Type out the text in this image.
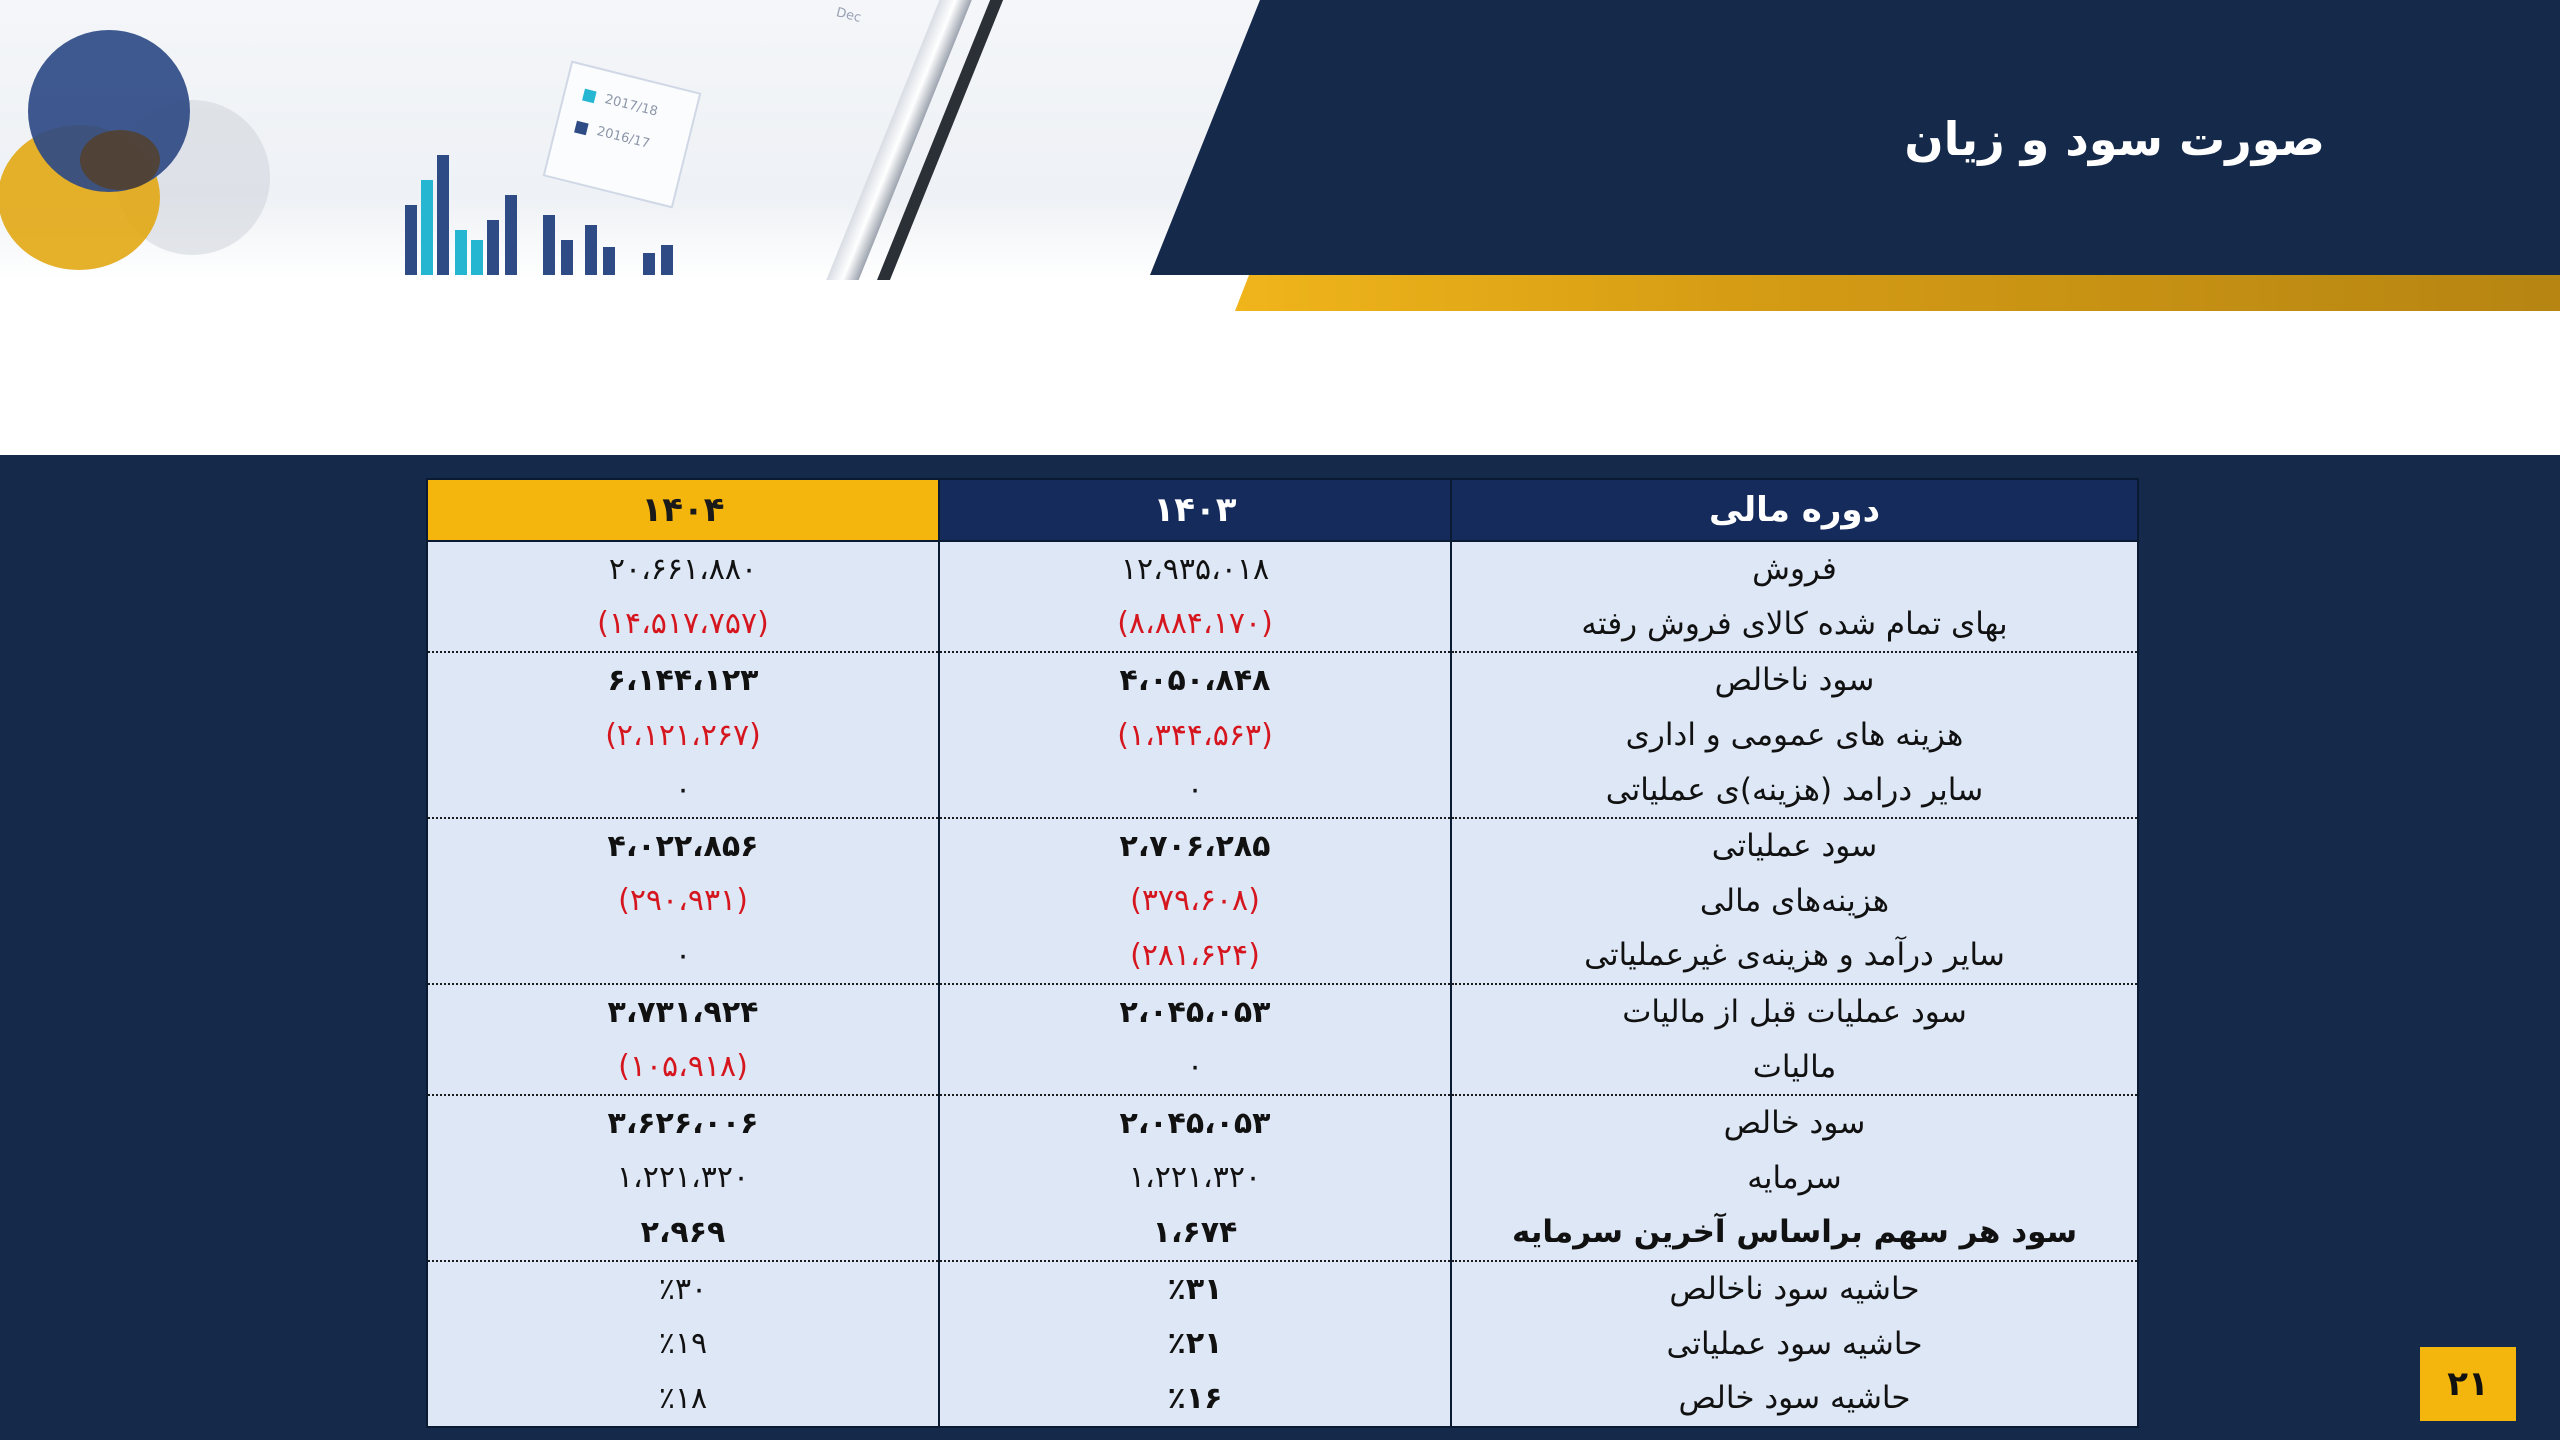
2017/18
2016/17
Dec
صورت سود و زیان
دوره مالی	۱۴۰۳	۱۴۰۴
فروش	۱۲،۹۳۵،۰۱۸	۲۰،۶۶۱،۸۸۰
بهای تمام شده کالای فروش رفته	(۸،۸۸۴،۱۷۰)	(۱۴،۵۱۷،۷۵۷)
سود ناخالص	۴،۰۵۰،۸۴۸	۶،۱۴۴،۱۲۳
هزینه های عمومی و اداری	(۱،۳۴۴،۵۶۳)	(۲،۱۲۱،۲۶۷)
سایر درامد (هزینه)ی عملیاتی	۰	۰
سود عملیاتی	۲،۷۰۶،۲۸۵	۴،۰۲۲،۸۵۶
هزینه‌های مالی	(۳۷۹،۶۰۸)	(۲۹۰،۹۳۱)
سایر درآمد و هزینه‌ی غیرعملیاتی	(۲۸۱،۶۲۴)	۰
سود عملیات قبل از مالیات	۲،۰۴۵،۰۵۳	۳،۷۳۱،۹۲۴
مالیات	۰	(۱۰۵،۹۱۸)
سود خالص	۲،۰۴۵،۰۵۳	۳،۶۲۶،۰۰۶
سرمایه	۱،۲۲۱،۳۲۰	۱،۲۲۱،۳۲۰
سود هر سهم براساس آخرین سرمایه	۱،۶۷۴	۲،۹۶۹
حاشیه سود ناخالص	٪۳۱	٪۳۰
حاشیه سود عملیاتی	٪۲۱	٪۱۹
حاشیه سود خالص	٪۱۶	٪۱۸	۲۱
